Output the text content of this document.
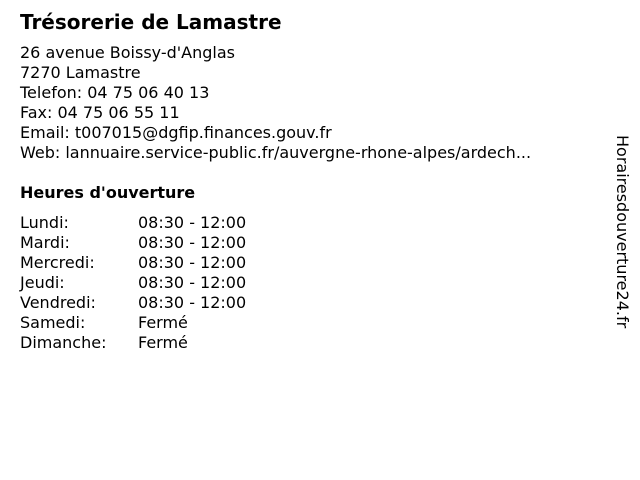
Trésorerie de Lamastre
26 avenue Boissy-d'Anglas
7270 Lamastre
Telefon: 04 75 06 40 13
Fax: 04 75 06 55 11
Email: t007015@dgfip.finances.gouv.fr
Web: lannuaire.service-public.fr/auvergne-rhone-alpes/ardech...
Heures d'ouverture
Lundi:	08:30 - 12:00
Mardi:	08:30 - 12:00
Mercredi:	08:30 - 12:00
Jeudi:	08:30 - 12:00
Vendredi:	08:30 - 12:00
Samedi:	Fermé
Dimanche: Fermé
Horairesdouverture24.fr
